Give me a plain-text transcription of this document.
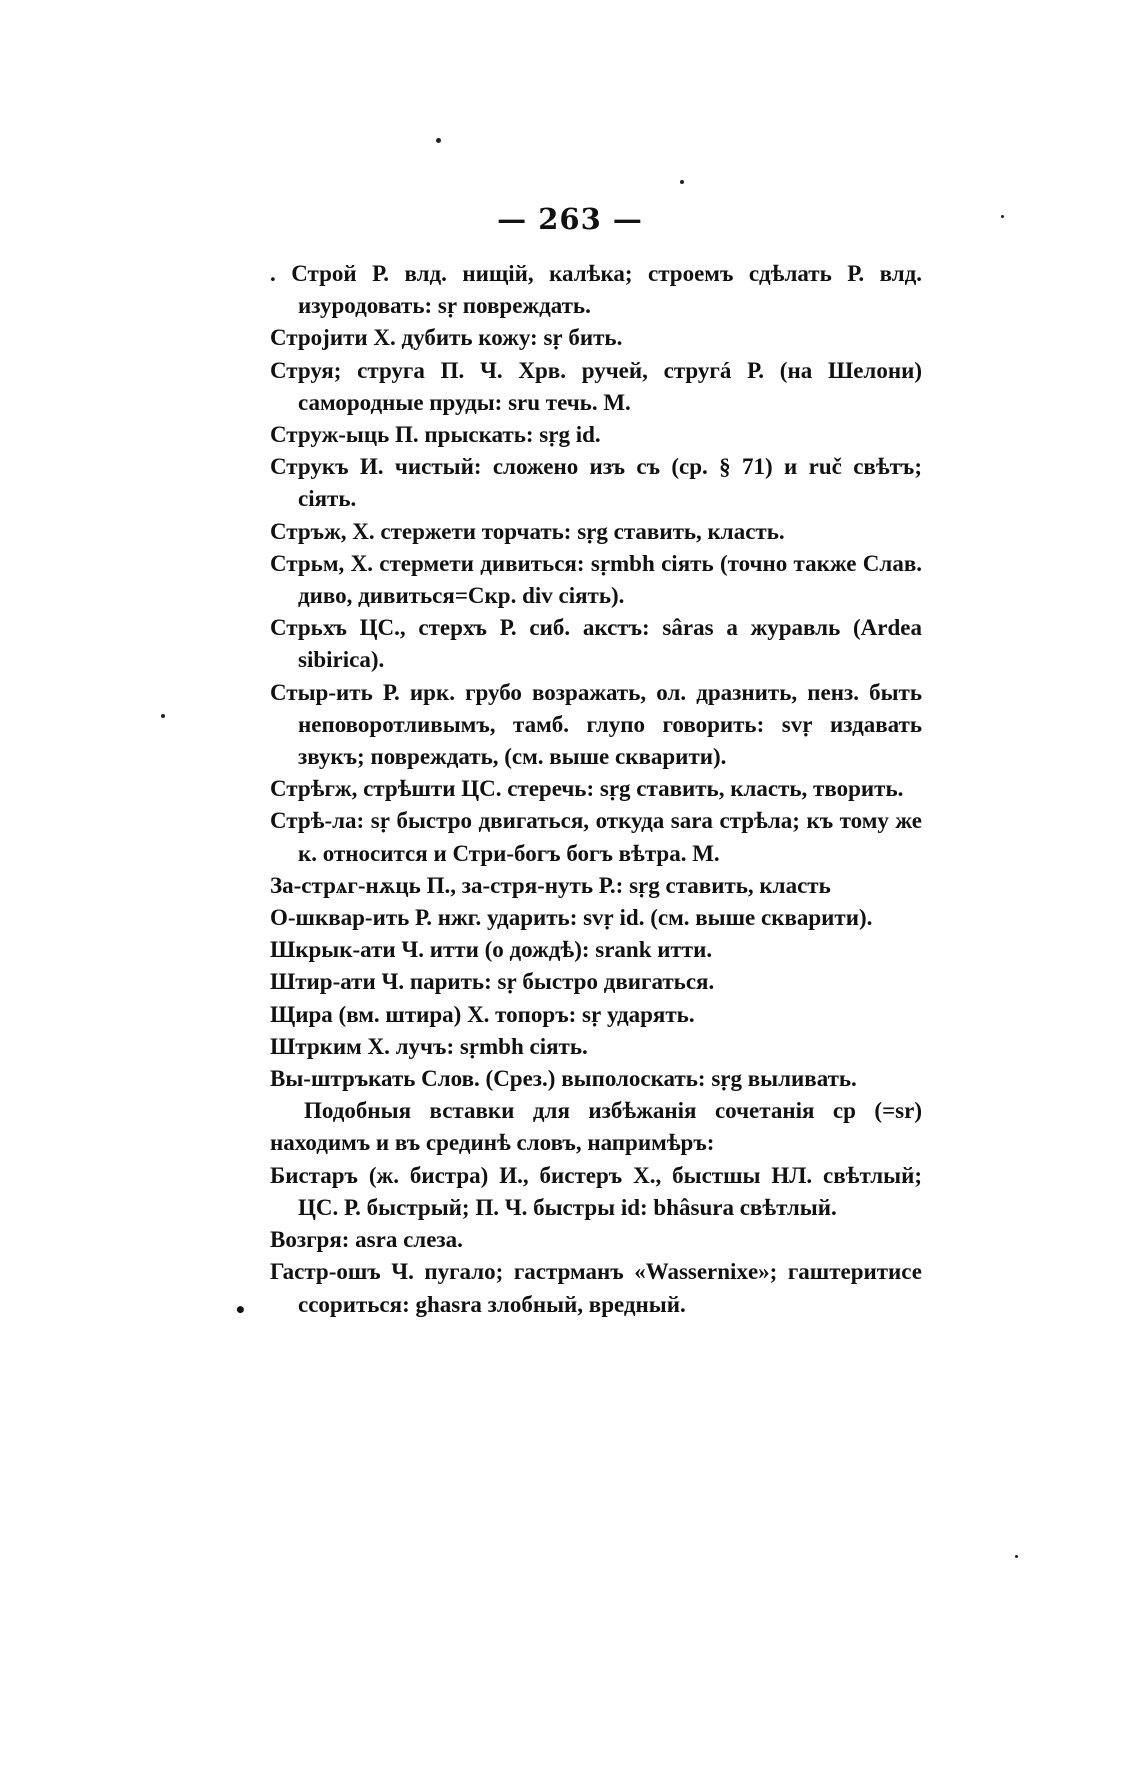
— 263 —
•

. Строй Р. влд. нищій, калѣка; строемъ сдѣлать Р. влд. изуродовать: sṛ повреждать.

Стројити Х. дубить кожу: sṛ бить.

Струя; струга П. Ч. Хрв. ручей, стругá Р. (на Шелони) самородные пруды: sru течь. М.

Струж-ыць П. прыскать: sṛg id.

Струкъ И. чистый: сложено изъ съ (ср. § 71) и ruč свѣтъ; сіять.

Стръж, Х. стержети торчать: sṛg ставить, класть.

Стрьм, Х. стермети дивиться: sṛmbh сіять (точно также Слав. диво, дивиться=Скр. div сіять).

Стрьхъ ЦС., стерхъ Р. сиб. акстъ: sâras a журавль (Ardea sibirica).

Стыр-ить Р. ирк. грубо возражать, ол. дразнить, пенз. быть неповоротливымъ, тамб. глупо говорить: svṛ издавать звукъ; повреждать, (см. выше скварити).

Стрѣгж, стрѣшти ЦС. стеречь: sṛg ставить, класть, творить.

Стрѣ-ла: sṛ быстро двигаться, откуда sara стрѣла; къ тому же к. относится и Стри-богъ богъ вѣтра. М.

За-стрѧг-нѫць П., за-стря-нуть Р.: sṛg ставить, класть

О-шквар-ить Р. нжг. ударить: svṛ id. (см. выше скварити).

Шкрык-ати Ч. итти (о дождѣ): srank итти.

Штир-ати Ч. парить: sṛ быстро двигаться.

Щира (вм. штира) Х. топоръ: sṛ ударять.

Штрким Х. лучъ: sṛmbh сіять.

Вы-штръкать Слов. (Срез.) выполоскать: sṛg выливать.

Подобныя вставки для избѣжанія сочетанія ср (=sr) находимъ и въ срединѣ словъ, напримѣръ:

Бистаръ (ж. бистра) И., бистеръ Х., быстшы НЛ. свѣтлый; ЦС. Р. быстрый; П. Ч. быстры id: bhâsura свѣтлый.

Возгря: asra слеза.

Гастр-ошъ Ч. пугало; гастрманъ «Wassernixe»; гаштеритисе ссориться: ghasra злобный, вредный.
